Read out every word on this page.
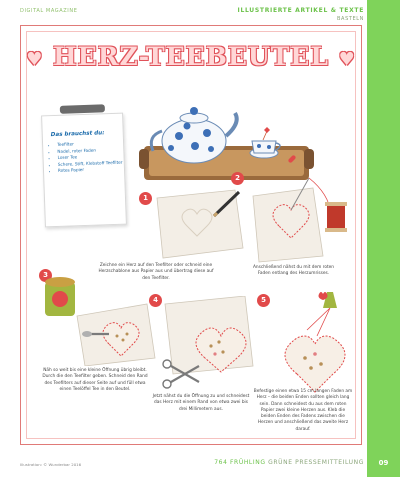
DIGITAL MAGAZINE	ILLUSTRIERTE ARTIKEL & TEXTE
BASTELN
♥ HERZ-TEEBEUTEL ♥
Das brauchst du:
• Teefilter
• Nadel, roter Faden
• Loser Tee
• Schere, Stift, Klebstoff Teefilter
• Rotes Papier
1
Zeichne ein Herz auf den Teefilter oder schneid eine Herzschablone aus Papier aus und übertrag diese auf den Teefilter.
2
Anschließend nähst du mit dem roten Faden entlang des Herzumrisses.
3
Näh so weit bis eine kleine Öffnung übrig bleibt. Durch die den Teefilter geben. Schneid den Rand des Teefilters auf dieser Seite auf und füll etwa einen Teelöffel Tee in den Beutel.
4
Jetzt nähst du die Öffnung zu und schneidest das Herz mit einem Rand von etwa zwei bis drei Millimetern aus.
5
Befestige einen etwa 15 cm langen Faden am Herz – die beiden Enden sollten gleich lang sein. Dann schneidest du aus dem roten Papier zwei kleine Herzen aus. Kleb die beiden Enden des Fadens zwischen die Herzen und anschließend das zweite Herz darauf.
Illustration: © Wunderbar 2016	764 FRÜHLING GRÜNE PRESSEMITTEILUNG	09
